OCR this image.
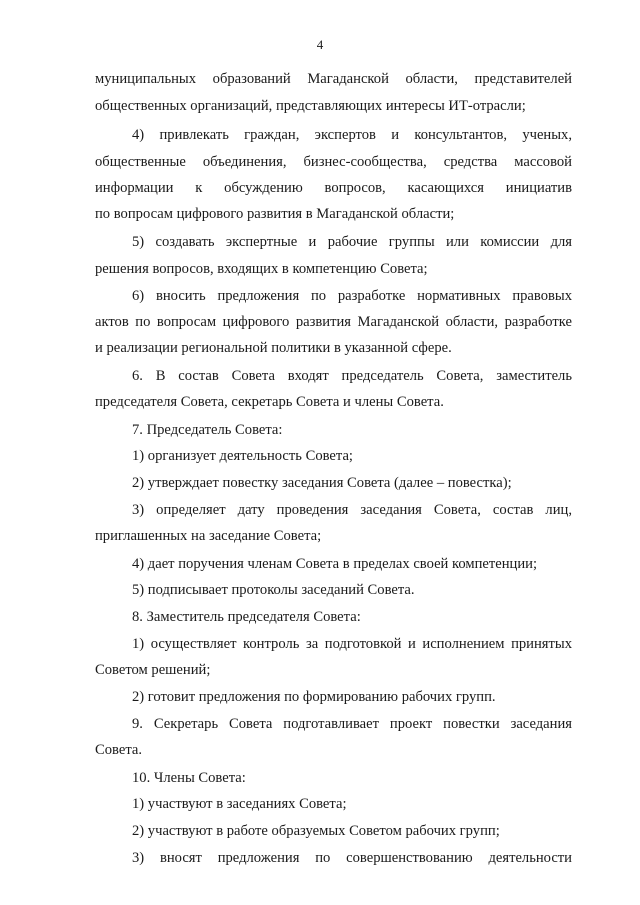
4
муниципальных образований Магаданской области, представителей
общественных организаций, представляющих интересы ИТ-отрасли;
4) привлекать граждан, экспертов и консультантов, ученых,
общественные объединения, бизнес-сообщества, средства массовой
информации к обсуждению вопросов, касающихся инициатив
по вопросам цифрового развития в Магаданской области;
5) создавать экспертные и рабочие группы или комиссии для
решения вопросов, входящих в компетенцию Совета;
6) вносить предложения по разработке нормативных правовых
актов по вопросам цифрового развития Магаданской области, разработке
и реализации региональной политики в указанной сфере.
6. В состав Совета входят председатель Совета, заместитель
председателя Совета, секретарь Совета и члены Совета.
7. Председатель Совета:
1) организует деятельность Совета;
2) утверждает повестку заседания Совета (далее – повестка);
3) определяет дату проведения заседания Совета, состав лиц,
приглашенных на заседание Совета;
4) дает поручения членам Совета в пределах своей компетенции;
5) подписывает протоколы заседаний Совета.
8. Заместитель председателя Совета:
1) осуществляет контроль за подготовкой и исполнением принятых
Советом решений;
2) готовит предложения по формированию рабочих групп.
9. Секретарь Совета подготавливает проект повестки заседания
Совета.
10. Члены Совета:
1) участвуют в заседаниях Совета;
2) участвуют в работе образуемых Советом рабочих групп;
3) вносят предложения по совершенствованию деятельности
